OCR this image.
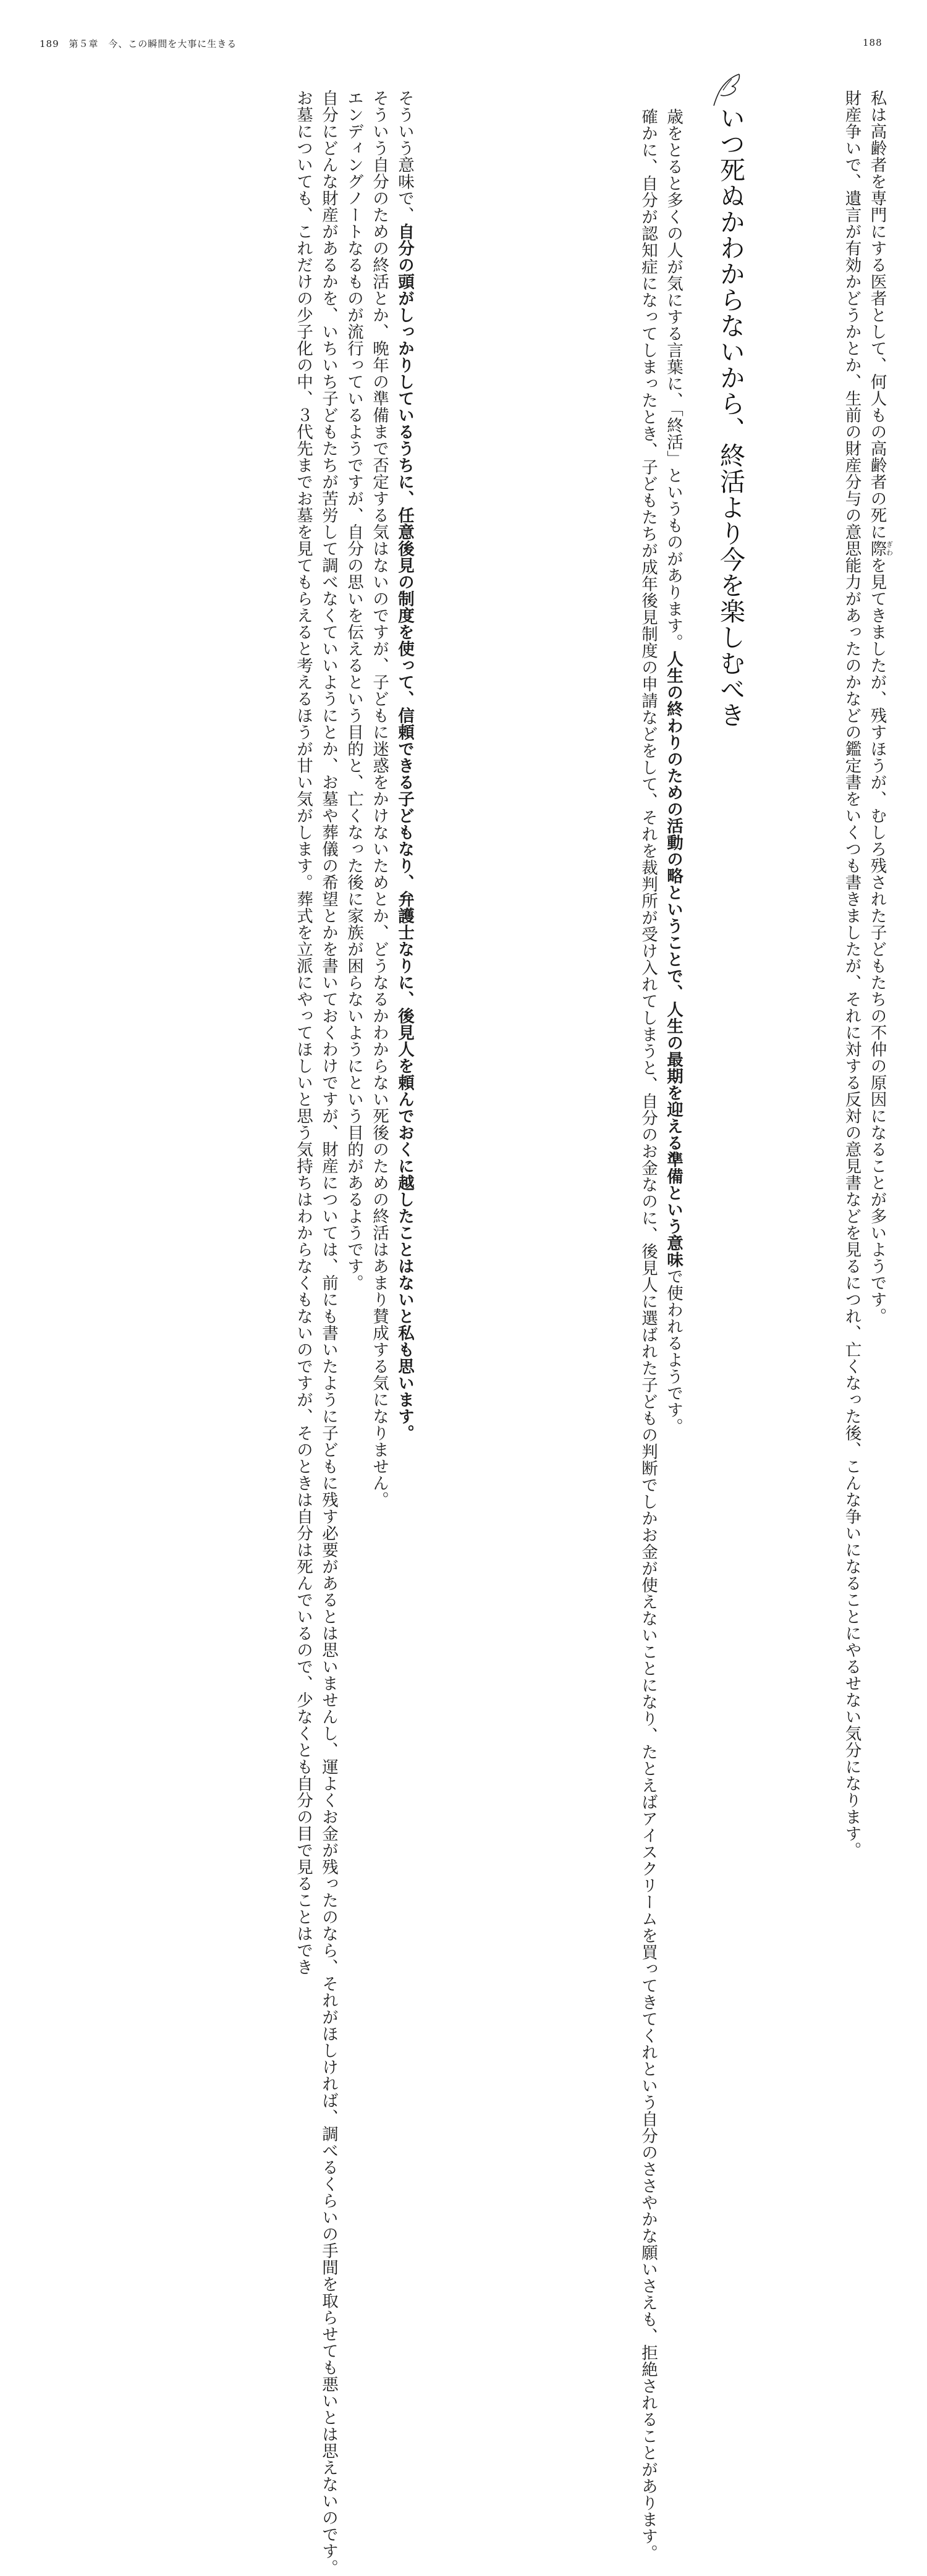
189 第５章 今、この瞬間を大事に生きる	188

私は高齢者を専門にする医者として、何人もの高齢者の死に際ぎわを見てきましたが、残すほうが、むしろ残された子どもたちの不仲の原因になることが多いようです。

財産争いで、遺言が有効かどうかとか、生前の財産分与の意思能力があったのかなどの鑑定書をいくつも書きましたが、それに対する反対の意見書などを見るにつれ、亡くなった後、こんな争いになることにやるせない気分になります。

いつ死ぬかわからないから、終活より今を楽しむべき

歳をとると多くの人が気にする言葉に、「終活」というものがあります。人生の終わりのための活動の略ということで、人生の最期を迎える準備という意味で使われるようです。

確かに、自分が認知症になってしまったとき、子どもたちが成年後見制度の申請などをして、それを裁判所が受け入れてしまうと、自分のお金なのに、後見人に選ばれた子どもの判断でしかお金が使えないことになり、たとえばアイスクリームを買ってきてくれという自分のささやかな願いさえも、拒絶されることがあります。

そういう意味で、自分の頭がしっかりしているうちに、任意後見の制度を使って、信頼できる子どもなり、弁護士なりに、後見人を頼んでおくに越したことはないと私も思います。

そういう自分のための終活とか、晩年の準備まで否定する気はないのですが、子どもに迷惑をかけないためとか、どうなるかわからない死後のための終活はあまり賛成する気になりません。

エンディングノートなるものが流行っているようですが、自分の思いを伝えるという目的と、亡くなった後に家族が困らないようにという目的があるようです。

自分にどんな財産があるかを、いちいち子どもたちが苦労して調べなくていいようにとか、お墓や葬儀の希望とかを書いておくわけですが、財産については、前にも書いたように子どもに残す必要があるとは思いませんし、運よくお金が残ったのなら、それがほしければ、調べるくらいの手間を取らせても悪いとは思えないのです。

お墓についても、これだけの少子化の中、３代先までお墓を見てもらえると考えるほうが甘い気がします。葬式を立派にやってほしいと思う気持ちはわからなくもないのですが、そのときは自分は死んでいるので、少なくとも自分の目で見ることはでき
